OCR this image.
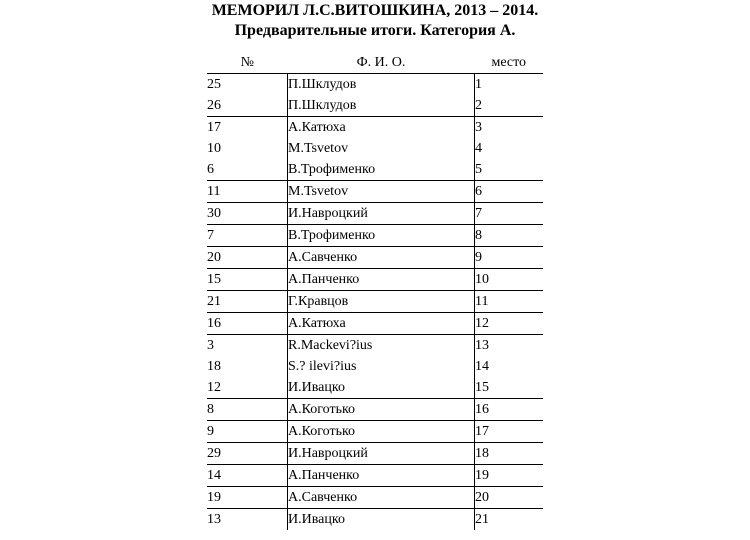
МЕМОРИЛ Л.С.ВИТОШКИНА, 2013 – 2014.
Предварительные итоги. Категория А.
№	Ф. И. О.	место
25	П.Шклудов	1
26	П.Шклудов	2
17	А.Катюха	3
10	M.Tsvetov	4
6	В.Трофименко	5
11	M.Tsvetov	6
30	И.Навроцкий	7
7	В.Трофименко	8
20	А.Савченко	9
15	А.Панченко	10
21	Г.Кравцов	11
16	А.Катюха	12
3	R.Mackevi?ius	13
18	S.? ilevi?ius	14
12	И.Ивацко	15
8	А.Коготько	16
9	А.Коготько	17
29	И.Навроцкий	18
14	А.Панченко	19
19	А.Савченко	20
13	И.Ивацко	21
